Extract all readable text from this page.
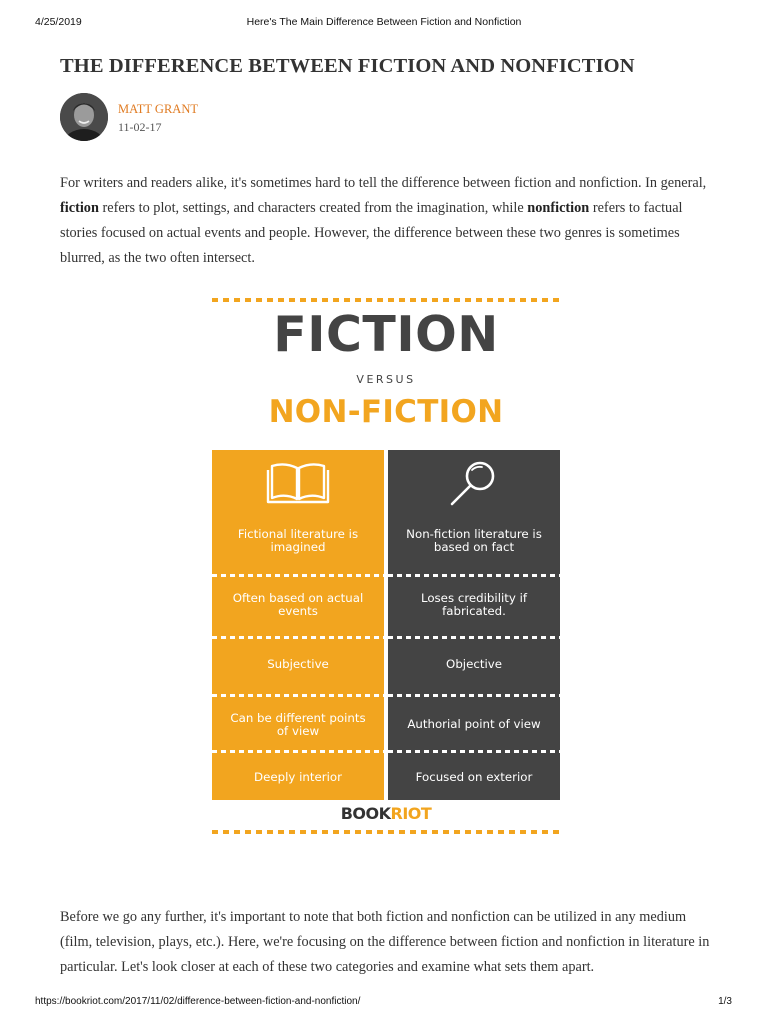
4/25/2019	Here's The Main Difference Between Fiction and Nonfiction
THE DIFFERENCE BETWEEN FICTION AND NONFICTION
MATT GRANT
11-02-17

For writers and readers alike, it's sometimes hard to tell the difference between fiction and nonfiction. In general, fiction refers to plot, settings, and characters created from the imagination, while nonfiction refers to factual stories focused on actual events and people. However, the difference between these two genres is sometimes blurred, as the two often intersect.

FICTION
VERSUS
NON-FICTION
Fictional literature is imagined
Often based on actual events
Subjective
Can be different points of view
Deeply interior
Non-fiction literature is based on fact
Loses credibility if fabricated.
Objective
Authorial point of view
Focused on exterior
BOOKRIOT

Before we go any further, it's important to note that both fiction and nonfiction can be utilized in any medium (film, television, plays, etc.). Here, we're focusing on the difference between fiction and nonfiction in literature in particular. Let's look closer at each of these two categories and examine what sets them apart.

https://bookriot.com/2017/11/02/difference-between-fiction-and-nonfiction/	1/3
